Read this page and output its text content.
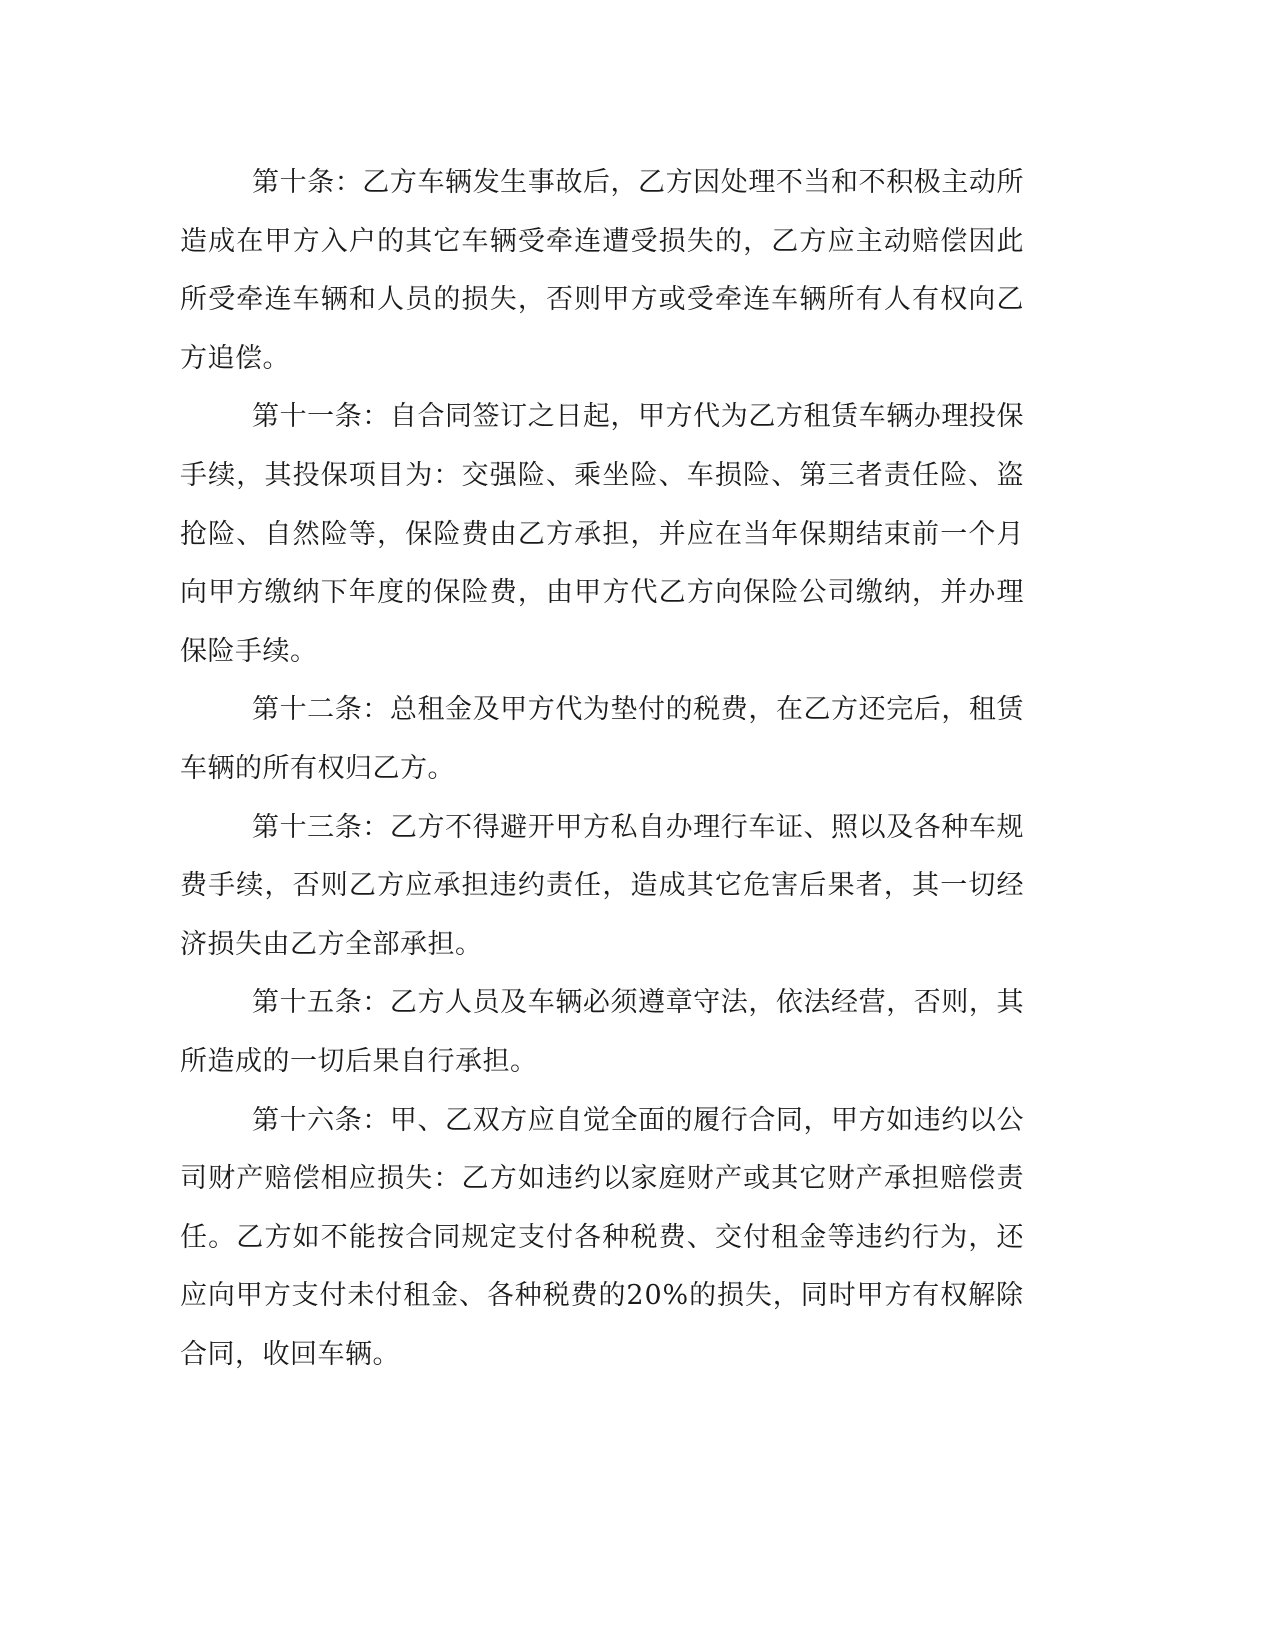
第十条：乙方车辆发生事故后，乙方因处理不当和不积极主动所
造成在甲方入户的其它车辆受牵连遭受损失的，乙方应主动赔偿因此
所受牵连车辆和人员的损失，否则甲方或受牵连车辆所有人有权向乙
方追偿。
第十一条：自合同签订之日起，甲方代为乙方租赁车辆办理投保
手续，其投保项目为：交强险、乘坐险、车损险、第三者责任险、盗
抢险、自然险等，保险费由乙方承担，并应在当年保期结束前一个月
向甲方缴纳下年度的保险费，由甲方代乙方向保险公司缴纳，并办理
保险手续。
第十二条：总租金及甲方代为垫付的税费，在乙方还完后，租赁
车辆的所有权归乙方。
第十三条：乙方不得避开甲方私自办理行车证、照以及各种车规
费手续，否则乙方应承担违约责任，造成其它危害后果者，其一切经
济损失由乙方全部承担。
第十五条：乙方人员及车辆必须遵章守法，依法经营，否则，其
所造成的一切后果自行承担。
第十六条：甲、乙双方应自觉全面的履行合同，甲方如违约以公
司财产赔偿相应损失：乙方如违约以家庭财产或其它财产承担赔偿责
任。乙方如不能按合同规定支付各种税费、交付租金等违约行为，还
应向甲方支付未付租金、各种税费的20%的损失，同时甲方有权解除
合同，收回车辆。
